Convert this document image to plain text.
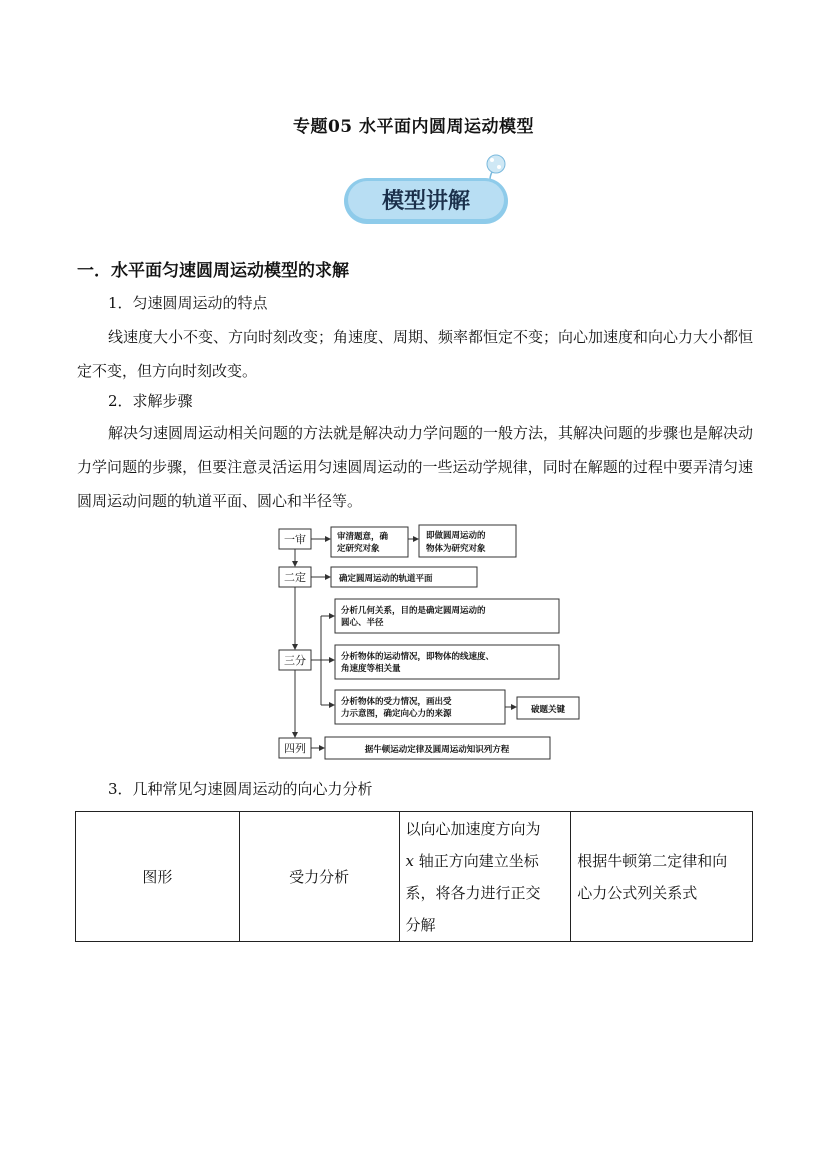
专题05 水平面内圆周运动模型
模型讲解
一．水平面匀速圆周运动模型的求解
1．匀速圆周运动的特点
线速度大小不变、方向时刻改变；角速度、周期、频率都恒定不变；向心加速度和向心力大小都恒定不变，但方向时刻改变。
2．求解步骤
解决匀速圆周运动相关问题的方法就是解决动力学问题的一般方法，其解决问题的步骤也是解决动力学问题的步骤，但要注意灵活运用匀速圆周运动的一些运动学规律，同时在解题的过程中要弄清匀速圆周运动问题的轨道平面、圆心和半径等。
一审
二定
三分
四列
审清题意，确
定研究对象
即做圆周运动的
物体为研究对象
确定圆周运动的轨道平面
分析几何关系，目的是确定圆周运动的
圆心、半径
分析物体的运动情况，即物体的线速度、
角速度等相关量
分析物体的受力情况，画出受
力示意图，确定向心力的来源	破题关键
据牛顿运动定律及圆周运动知识列方程
3．几种常见匀速圆周运动的向心力分析
图形	受力分析	以向心加速度方向为
x 轴正方向建立坐标
系，将各力进行正交
分解	根据牛顿第二定律和向
心力公式列关系式
